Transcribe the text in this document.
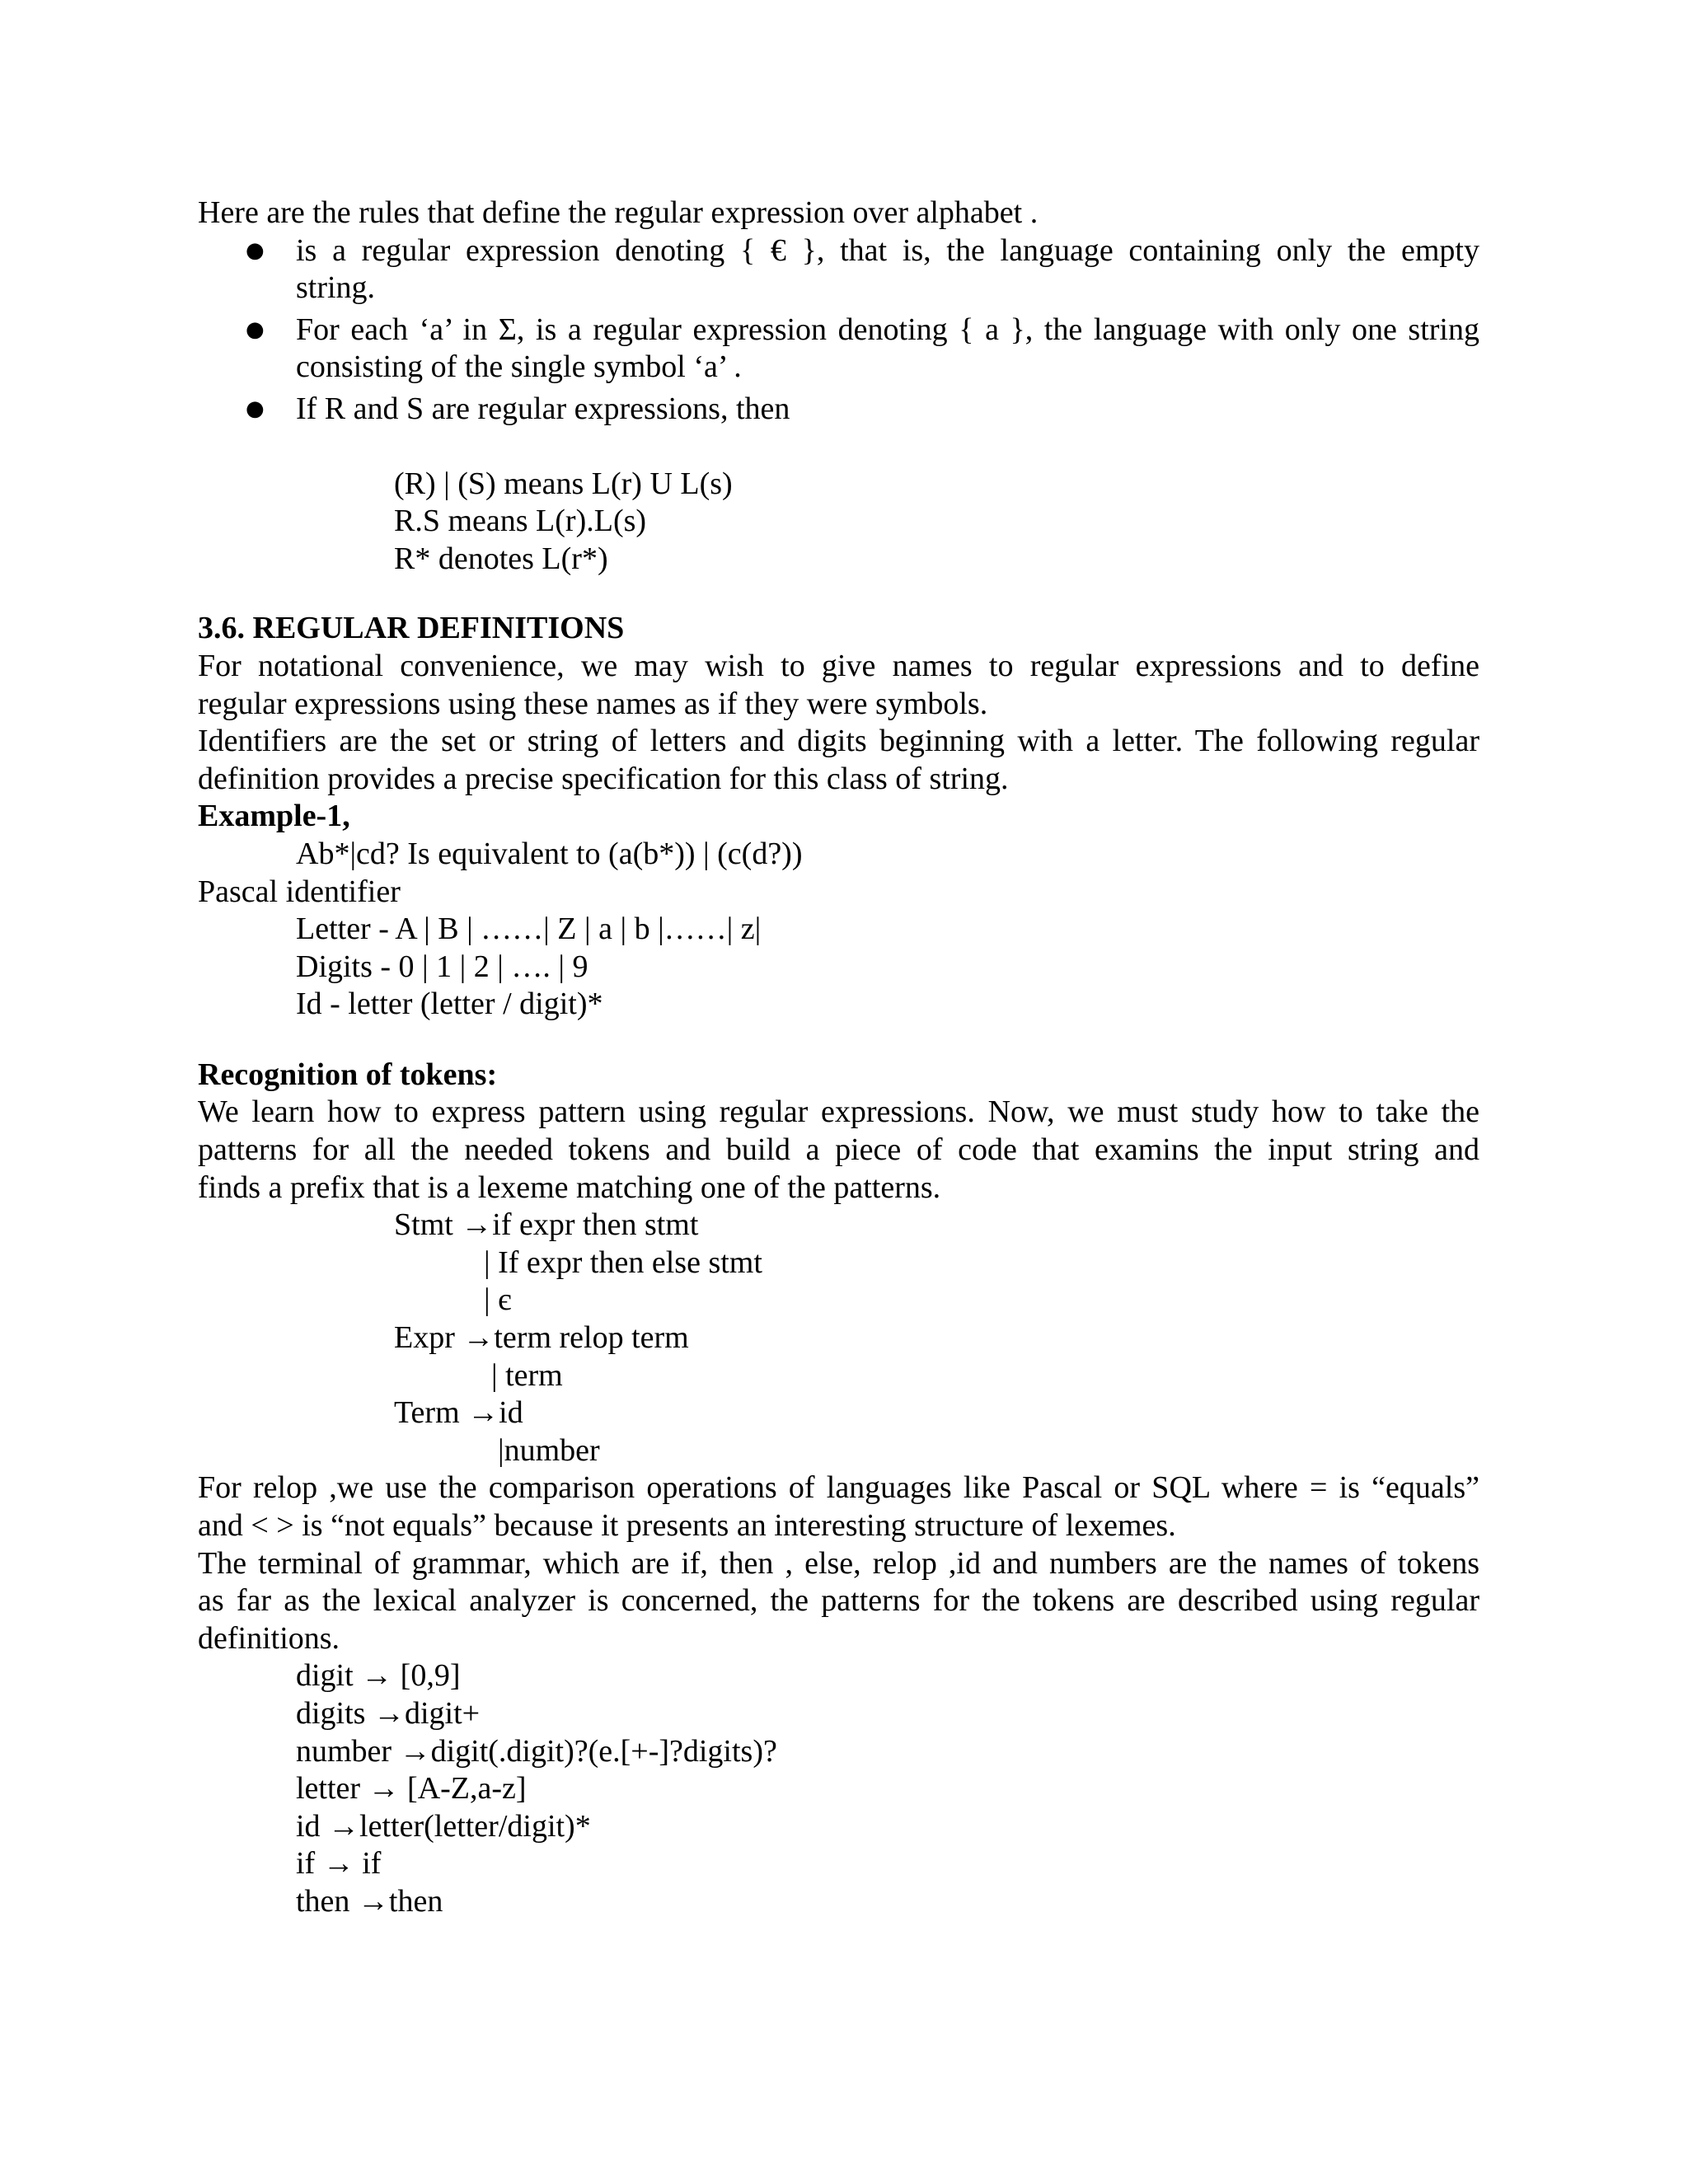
Here are the rules that define the regular expression over alphabet .
● is a regular expression denoting { € }, that is, the language containing only the empty
string.
● For each ‘a’ in Σ, is a regular expression denoting { a }, the language with only one string
consisting of the single symbol ‘a’ .
● If R and S are regular expressions, then
(R) | (S) means L(r) U L(s)
R.S means L(r).L(s)
R* denotes L(r*)
3.6. REGULAR DEFINITIONS
For notational convenience, we may wish to give names to regular expressions and to define
regular expressions using these names as if they were symbols.
Identifiers are the set or string of letters and digits beginning with a letter. The following regular
definition provides a precise specification for this class of string.
Example-1,
Ab*|cd? Is equivalent to (a(b*)) | (c(d?))
Pascal identifier
Letter - A | B | ……| Z | a | b |……| z|
Digits - 0 | 1 | 2 | …. | 9
Id - letter (letter / digit)*
Recognition of tokens:
We learn how to express pattern using regular expressions. Now, we must study how to take the
patterns for all the needed tokens and build a piece of code that examins the input string and
finds a prefix that is a lexeme matching one of the patterns.
Stmt →if expr then stmt
| If expr then else stmt
| є
Expr →term relop term
| term
Term →id
|number
For relop ,we use the comparison operations of languages like Pascal or SQL where = is “equals”
and < > is “not equals” because it presents an interesting structure of lexemes.
The terminal of grammar, which are if, then , else, relop ,id and numbers are the names of tokens
as far as the lexical analyzer is concerned, the patterns for the tokens are described using regular
definitions.
digit → [0,9]
digits →digit+
number →digit(.digit)?(e.[+-]?digits)?
letter → [A-Z,a-z]
id →letter(letter/digit)*
if → if
then →then
